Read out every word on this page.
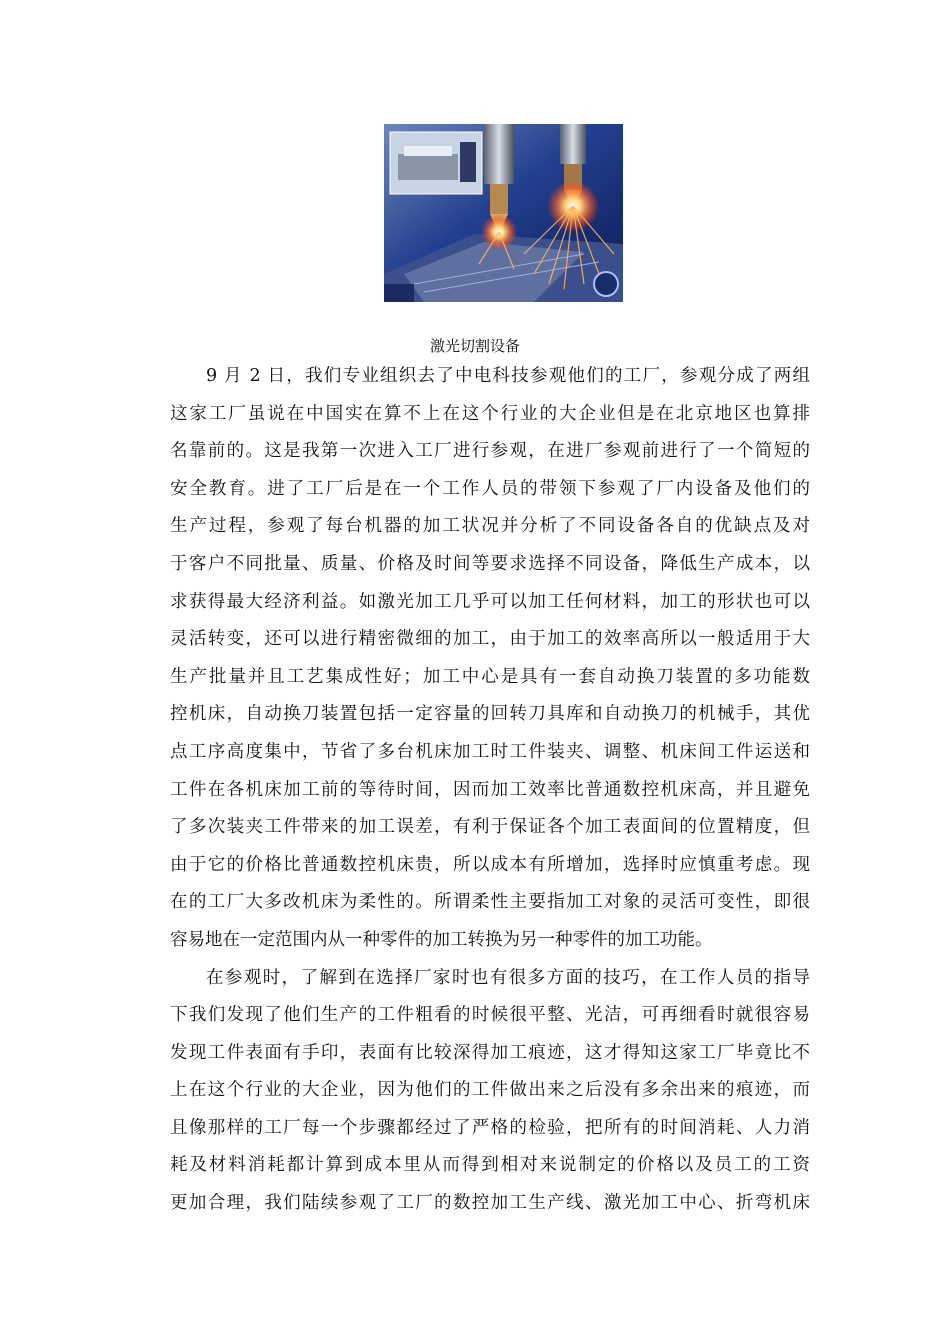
激光切割设备
9 月 2 日，我们专业组织去了中电科技参观他们的工厂，参观分成了两组
这家工厂虽说在中国实在算不上在这个行业的大企业但是在北京地区也算排
名靠前的。这是我第一次进入工厂进行参观，在进厂参观前进行了一个简短的
安全教育。进了工厂后是在一个工作人员的带领下参观了厂内设备及他们的
生产过程，参观了每台机器的加工状况并分析了不同设备各自的优缺点及对
于客户不同批量、质量、价格及时间等要求选择不同设备，降低生产成本，以
求获得最大经济利益。如激光加工几乎可以加工任何材料，加工的形状也可以
灵活转变，还可以进行精密微细的加工，由于加工的效率高所以一般适用于大
生产批量并且工艺集成性好；加工中心是具有一套自动换刀装置的多功能数
控机床，自动换刀装置包括一定容量的回转刀具库和自动换刀的机械手，其优
点工序高度集中，节省了多台机床加工时工件装夹、调整、机床间工件运送和
工件在各机床加工前的等待时间，因而加工效率比普通数控机床高，并且避免
了多次装夹工件带来的加工误差，有利于保证各个加工表面间的位置精度，但
由于它的价格比普通数控机床贵，所以成本有所增加，选择时应慎重考虑。现
在的工厂大多改机床为柔性的。所谓柔性主要指加工对象的灵活可变性，即很
容易地在一定范围内从一种零件的加工转换为另一种零件的加工功能。
在参观时，了解到在选择厂家时也有很多方面的技巧，在工作人员的指导
下我们发现了他们生产的工件粗看的时候很平整、光洁，可再细看时就很容易
发现工件表面有手印，表面有比较深得加工痕迹，这才得知这家工厂毕竟比不
上在这个行业的大企业，因为他们的工件做出来之后没有多余出来的痕迹，而
且像那样的工厂每一个步骤都经过了严格的检验，把所有的时间消耗、人力消
耗及材料消耗都计算到成本里从而得到相对来说制定的价格以及员工的工资
更加合理，我们陆续参观了工厂的数控加工生产线、激光加工中心、折弯机床
